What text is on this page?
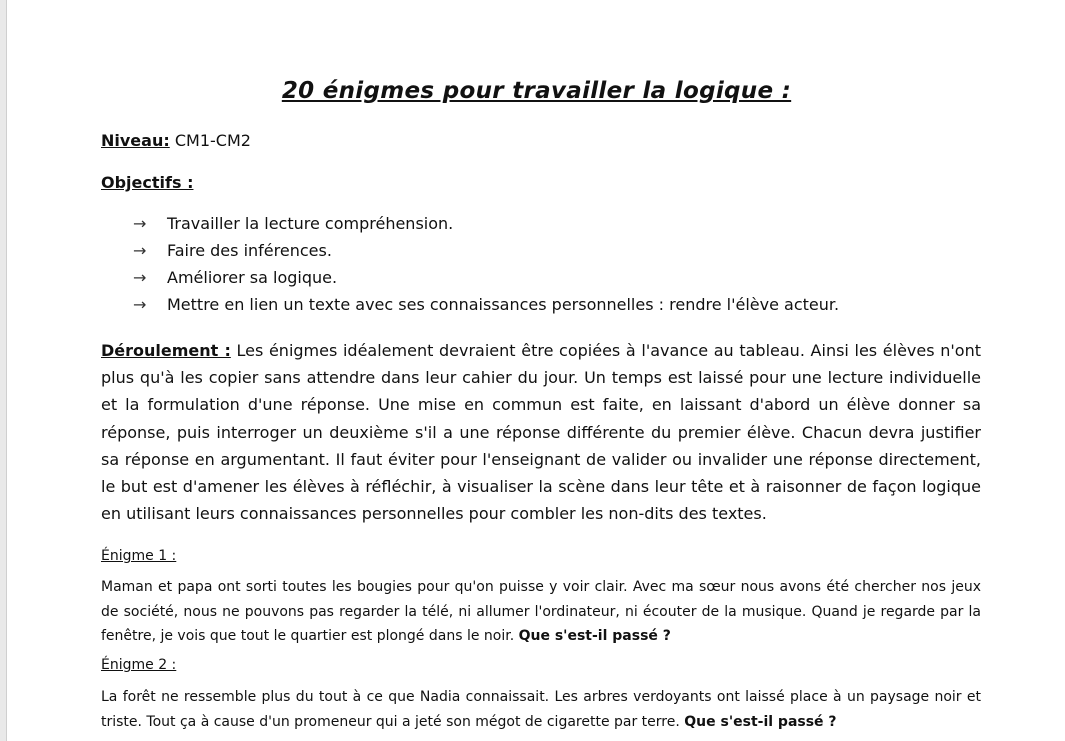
20 énigmes pour travailler la logique :
Niveau: CM1-CM2
Objectifs :
→ Travailler la lecture compréhension.
→ Faire des inférences.
→ Améliorer sa logique.
→ Mettre en lien un texte avec ses connaissances personnelles : rendre l'élève acteur.
Déroulement : Les énigmes idéalement devraient être copiées à l'avance au tableau. Ainsi les élèves n'ont plus qu'à les copier sans attendre dans leur cahier du jour. Un temps est laissé pour une lecture individuelle et la formulation d'une réponse. Une mise en commun est faite, en laissant d'abord un élève donner sa réponse, puis interroger un deuxième s'il a une réponse différente du premier élève. Chacun devra justifier sa réponse en argumentant. Il faut éviter pour l'enseignant de valider ou invalider une réponse directement, le but est d'amener les élèves à réfléchir, à visualiser la scène dans leur tête et à raisonner de façon logique en utilisant leurs connaissances personnelles pour combler les non-dits des textes.
Énigme 1 :
Maman et papa ont sorti toutes les bougies pour qu'on puisse y voir clair. Avec ma sœur nous avons été chercher nos jeux de société, nous ne pouvons pas regarder la télé, ni allumer l'ordinateur, ni écouter de la musique. Quand je regarde par la fenêtre, je vois que tout le quartier est plongé dans le noir. Que s'est-il passé ?
Énigme 2 :
La forêt ne ressemble plus du tout à ce que Nadia connaissait. Les arbres verdoyants ont laissé place à un paysage noir et triste. Tout ça à cause d'un promeneur qui a jeté son mégot de cigarette par terre. Que s'est-il passé ?
